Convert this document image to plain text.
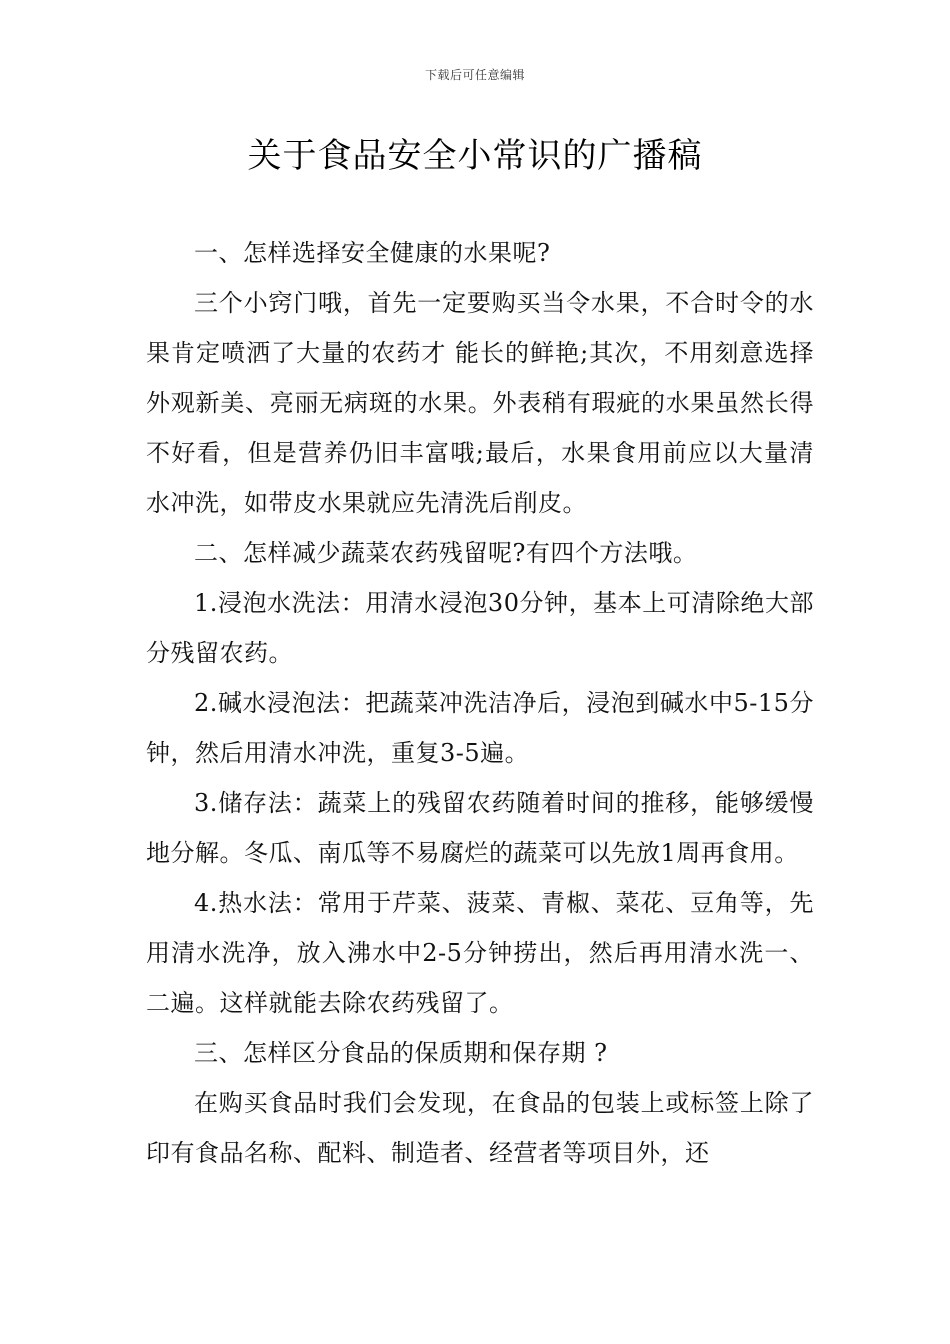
下载后可任意编辑
关于食品安全小常识的广播稿

一、怎样选择安全健康的水果呢?

三个小窍门哦，首先一定要购买当令水果，不合时令的水果肯定喷洒了大量的农药才 能长的鲜艳;其次，不用刻意选择外观新美、亮丽无病斑的水果。外表稍有瑕疵的水果虽然长得不好看，但是营养仍旧丰富哦;最后，水果食用前应以大量清水冲洗，如带皮水果就应先清洗后削皮。

二、怎样减少蔬菜农药残留呢?有四个方法哦。

1.浸泡水洗法：用清水浸泡30分钟，基本上可清除绝大部分残留农药。

2.碱水浸泡法：把蔬菜冲洗洁净后，浸泡到碱水中5-15分钟，然后用清水冲洗，重复3-5遍。

3.储存法：蔬菜上的残留农药随着时间的推移，能够缓慢地分解。冬瓜、南瓜等不易腐烂的蔬菜可以先放1周再食用。

4.热水法：常用于芹菜、菠菜、青椒、菜花、豆角等，先用清水洗净，放入沸水中2-5分钟捞出，然后再用清水洗一、二遍。这样就能去除农药残留了。

三、怎样区分食品的保质期和保存期 ?

在购买食品时我们会发现，在食品的包装上或标签上除了印有食品名称、配料、制造者、经营者等项目外，还
